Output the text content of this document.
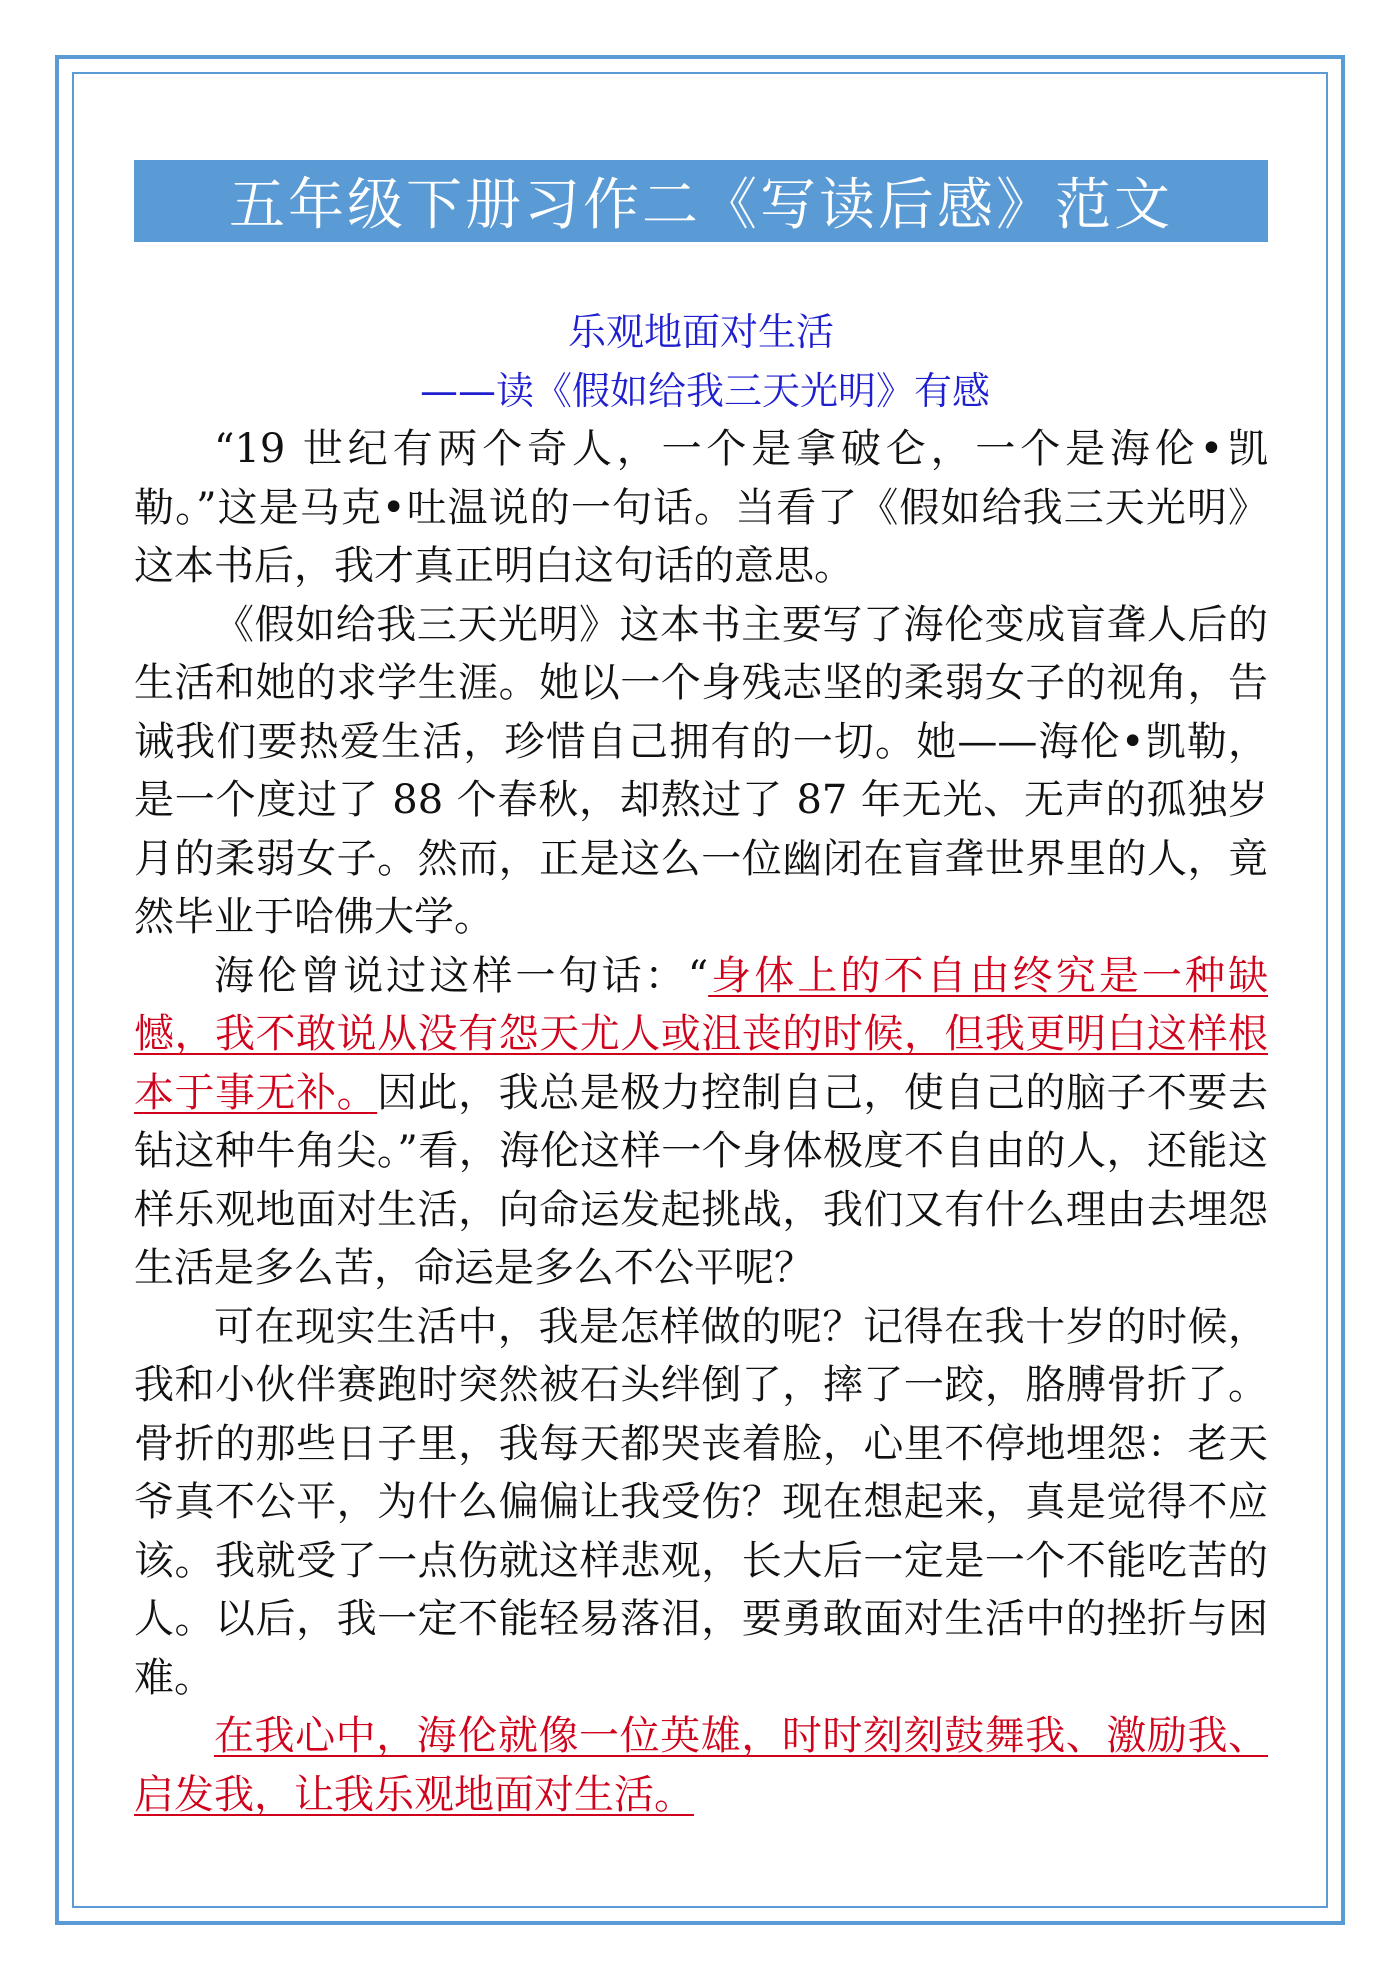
五年级下册习作二《写读后感》范文
乐观地面对生活
——读《假如给我三天光明》有感

“19 世纪有两个奇人，一个是拿破仑，一个是海伦•凯勒。”这是马克•吐温说的一句话。当看了《假如给我三天光明》这本书后，我才真正明白这句话的意思。

《假如给我三天光明》这本书主要写了海伦变成盲聋人后的生活和她的求学生涯。她以一个身残志坚的柔弱女子的视角，告诫我们要热爱生活，珍惜自己拥有的一切。她——海伦•凯勒，是一个度过了 88 个春秋，却熬过了 87 年无光、无声的孤独岁月的柔弱女子。然而，正是这么一位幽闭在盲聋世界里的人，竟然毕业于哈佛大学。

海伦曾说过这样一句话：“身体上的不自由终究是一种缺憾，我不敢说从没有怨天尤人或沮丧的时候，但我更明白这样根本于事无补。因此，我总是极力控制自己，使自己的脑子不要去钻这种牛角尖。”看，海伦这样一个身体极度不自由的人，还能这样乐观地面对生活，向命运发起挑战，我们又有什么理由去埋怨生活是多么苦，命运是多么不公平呢？

可在现实生活中，我是怎样做的呢？记得在我十岁的时候，我和小伙伴赛跑时突然被石头绊倒了，摔了一跤，胳膊骨折了。骨折的那些日子里，我每天都哭丧着脸，心里不停地埋怨：老天爷真不公平，为什么偏偏让我受伤？现在想起来，真是觉得不应该。我就受了一点伤就这样悲观，长大后一定是一个不能吃苦的人。以后，我一定不能轻易落泪，要勇敢面对生活中的挫折与困难。

在我心中，海伦就像一位英雄，时时刻刻鼓舞我、激励我、启发我，让我乐观地面对生活。
